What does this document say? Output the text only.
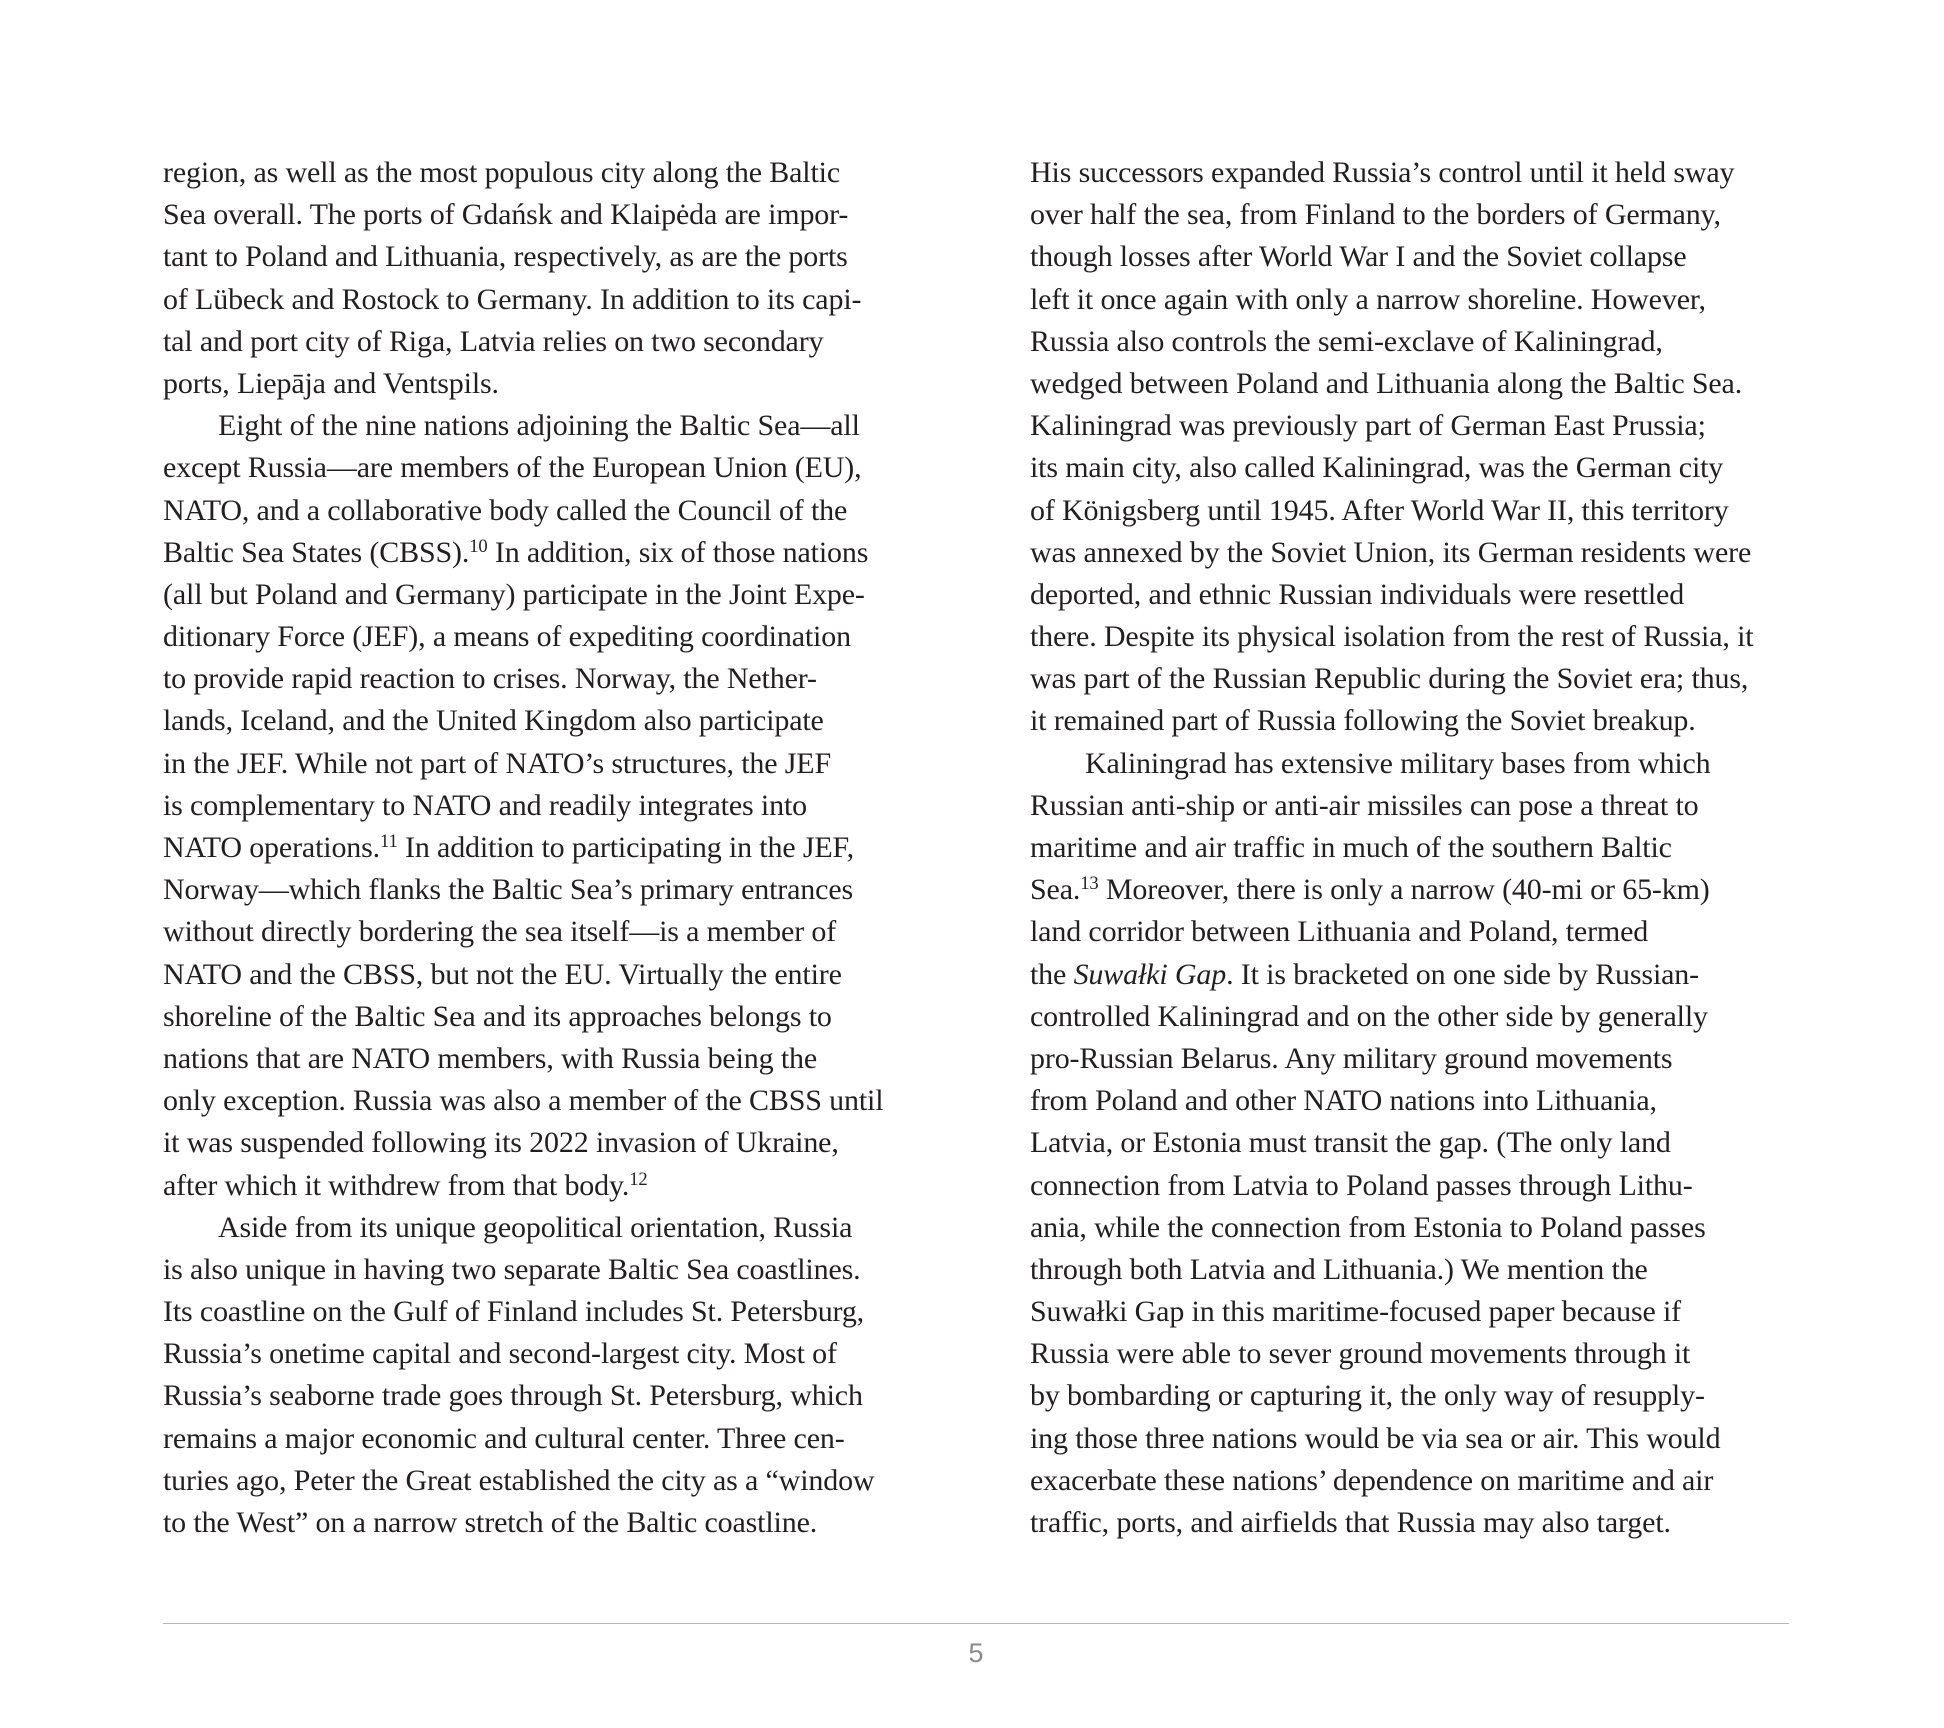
region, as well as the most populous city along the Baltic
Sea overall. The ports of Gdańsk and Klaipėda are impor-
tant to Poland and Lithuania, respectively, as are the ports
of Lübeck and Rostock to Germany. In addition to its capi-
tal and port city of Riga, Latvia relies on two secondary
ports, Liepāja and Ventspils.
Eight of the nine nations adjoining the Baltic Sea—all
except Russia—are members of the European Union (EU),
NATO, and a collaborative body called the Council of the
Baltic Sea States (CBSS).$^{10}$ In addition, six of those nations
(all but Poland and Germany) participate in the Joint Expe-
ditionary Force (JEF), a means of expediting coordination
to provide rapid reaction to crises. Norway, the Nether-
lands, Iceland, and the United Kingdom also participate
in the JEF. While not part of NATO’s structures, the JEF
is complementary to NATO and readily integrates into
NATO operations.$^{11}$ In addition to participating in the JEF,
Norway—which flanks the Baltic Sea’s primary entrances
without directly bordering the sea itself—is a member of
NATO and the CBSS, but not the EU. Virtually the entire
shoreline of the Baltic Sea and its approaches belongs to
nations that are NATO members, with Russia being the
only exception. Russia was also a member of the CBSS until
it was suspended following its 2022 invasion of Ukraine,
after which it withdrew from that body.$^{12}$
Aside from its unique geopolitical orientation, Russia
is also unique in having two separate Baltic Sea coastlines.
Its coastline on the Gulf of Finland includes St. Petersburg,
Russia’s onetime capital and second-largest city. Most of
Russia’s seaborne trade goes through St. Petersburg, which
remains a major economic and cultural center. Three cen-
turies ago, Peter the Great established the city as a “window
to the West” on a narrow stretch of the Baltic coastline.
His successors expanded Russia’s control until it held sway
over half the sea, from Finland to the borders of Germany,
though losses after World War I and the Soviet collapse
left it once again with only a narrow shoreline. However,
Russia also controls the semi-exclave of Kaliningrad,
wedged between Poland and Lithuania along the Baltic Sea.
Kaliningrad was previously part of German East Prussia;
its main city, also called Kaliningrad, was the German city
of Königsberg until 1945. After World War II, this territory
was annexed by the Soviet Union, its German residents were
deported, and ethnic Russian individuals were resettled
there. Despite its physical isolation from the rest of Russia, it
was part of the Russian Republic during the Soviet era; thus,
it remained part of Russia following the Soviet breakup.
Kaliningrad has extensive military bases from which
Russian anti-ship or anti-air missiles can pose a threat to
maritime and air traffic in much of the southern Baltic
Sea.$^{13}$ Moreover, there is only a narrow (40-mi or 65-km)
land corridor between Lithuania and Poland, termed
the Suwałki Gap. It is bracketed on one side by Russian-
controlled Kaliningrad and on the other side by generally
pro-Russian Belarus. Any military ground movements
from Poland and other NATO nations into Lithuania,
Latvia, or Estonia must transit the gap. (The only land
connection from Latvia to Poland passes through Lithu-
ania, while the connection from Estonia to Poland passes
through both Latvia and Lithuania.) We mention the
Suwałki Gap in this maritime-focused paper because if
Russia were able to sever ground movements through it
by bombarding or capturing it, the only way of resupply-
ing those three nations would be via sea or air. This would
exacerbate these nations’ dependence on maritime and air
traffic, ports, and airfields that Russia may also target.
5
